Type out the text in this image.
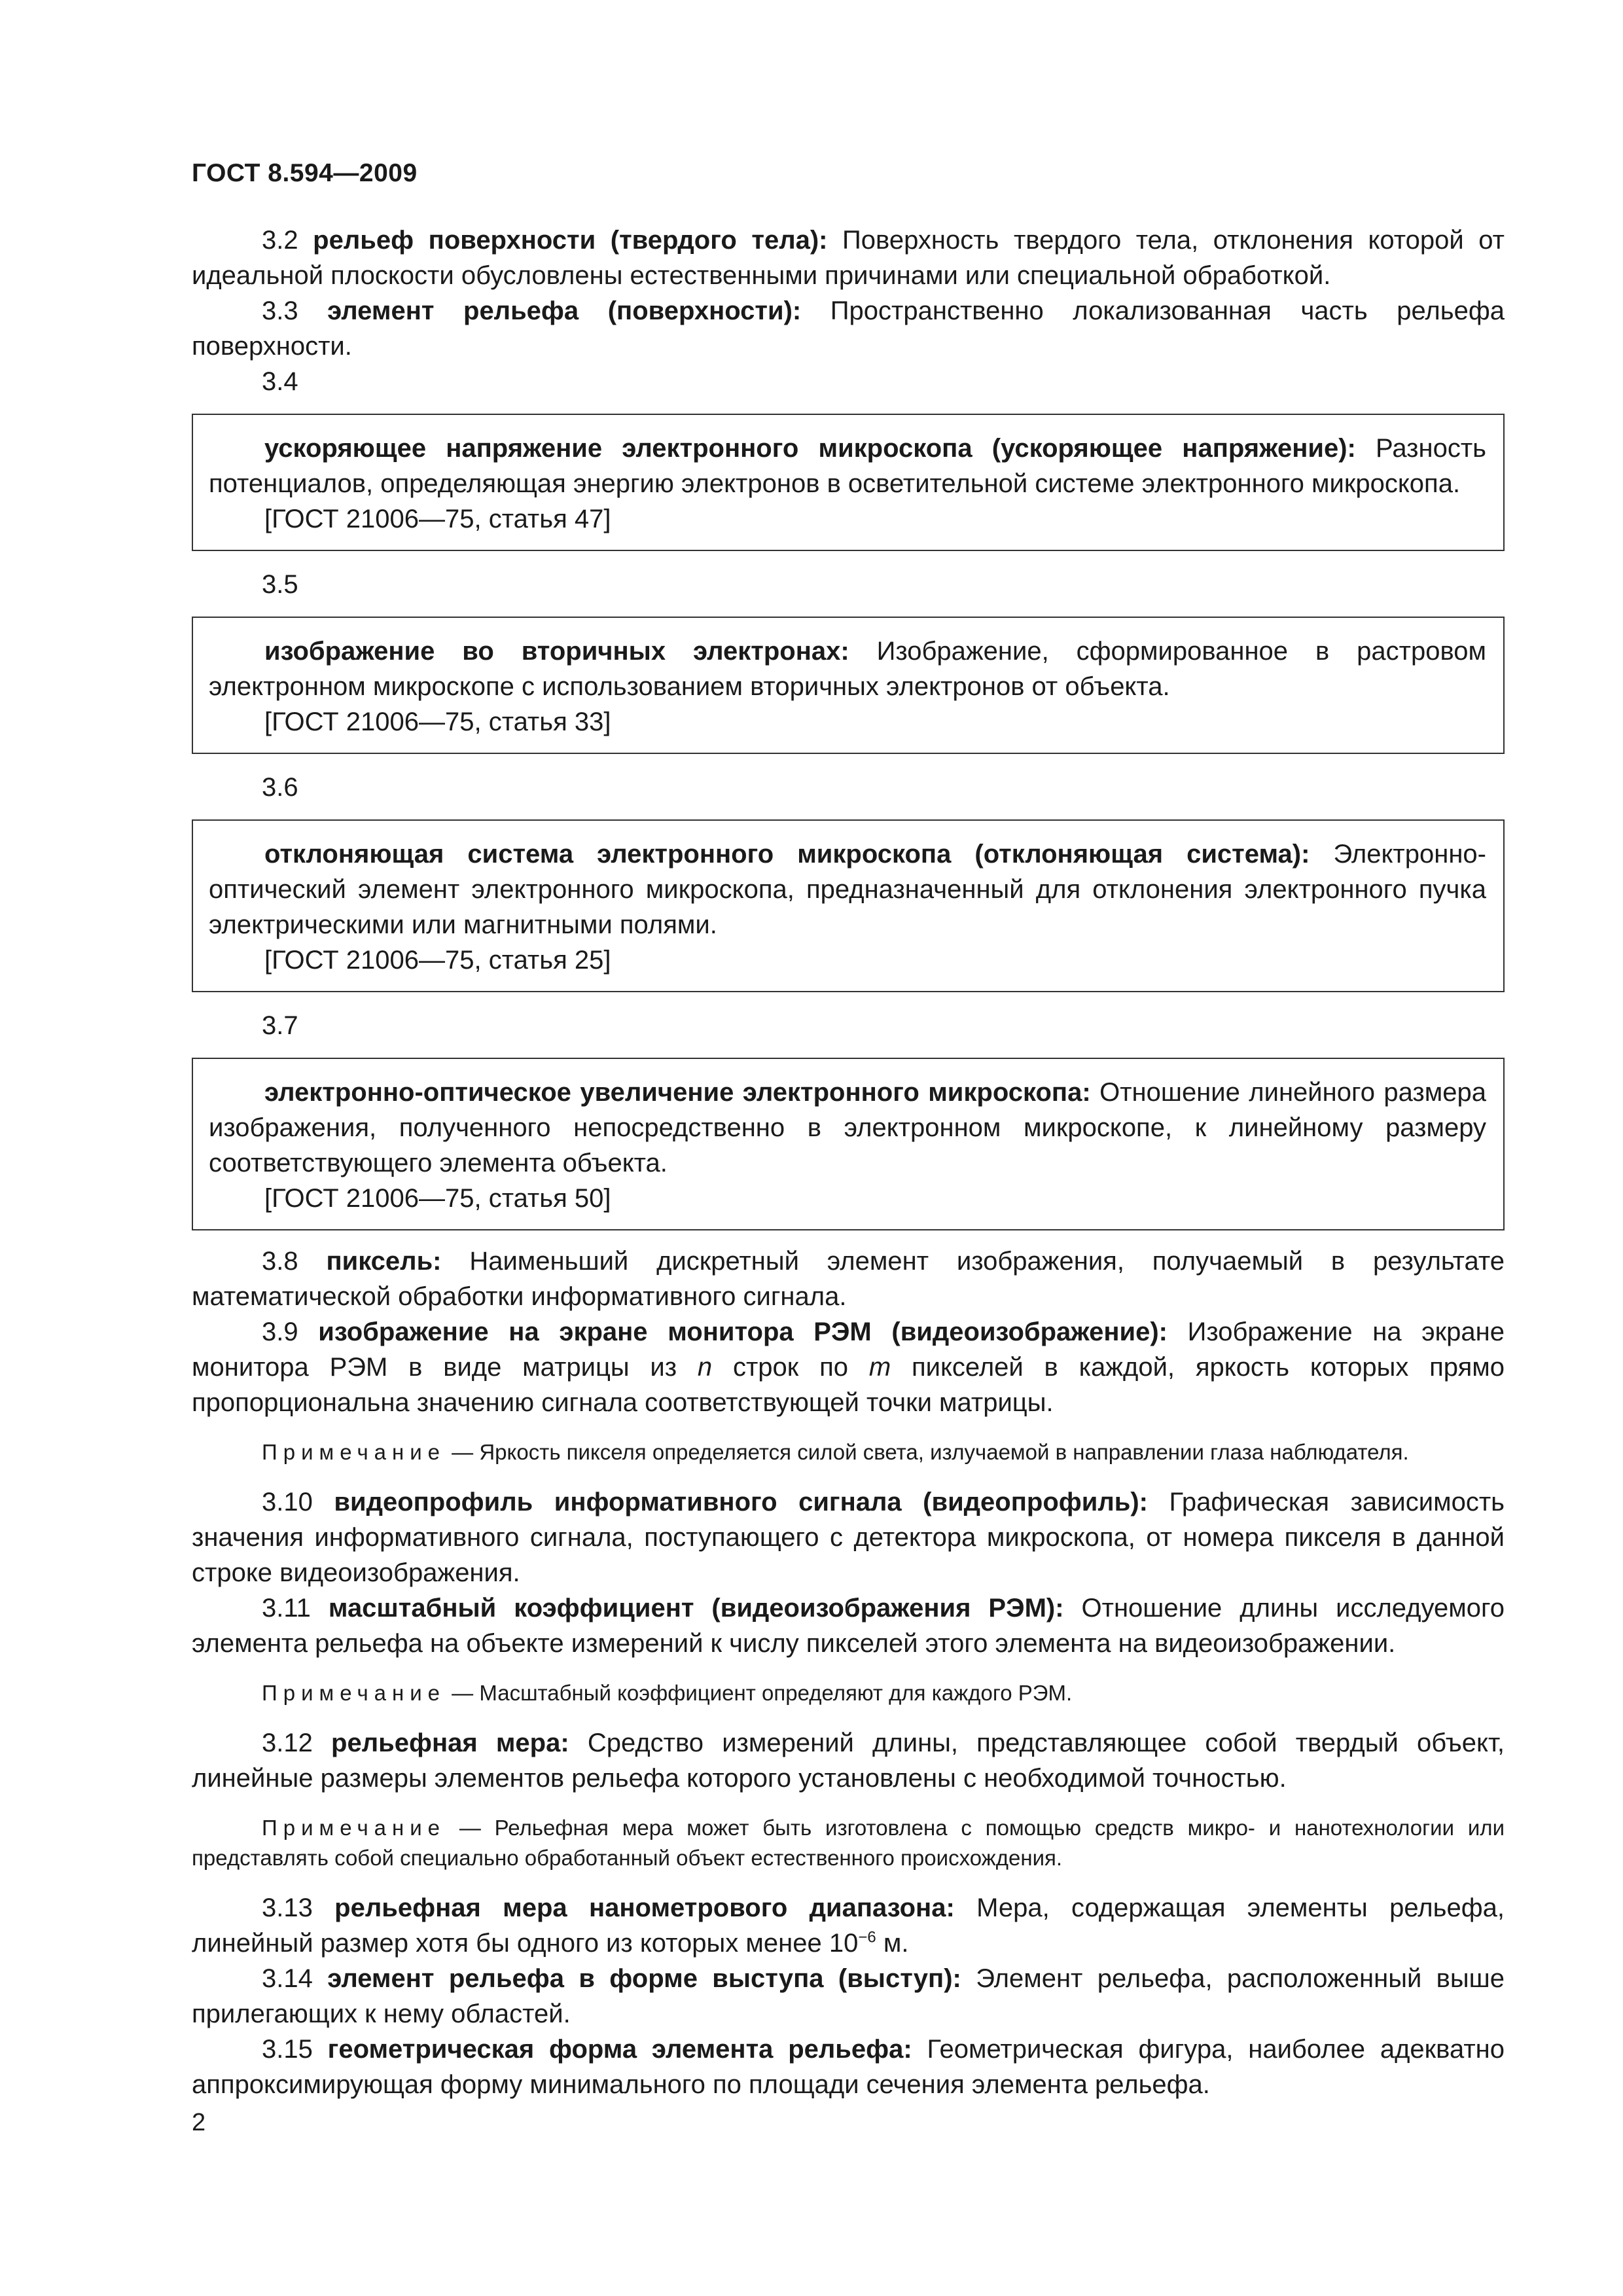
ГОСТ 8.594—2009

3.2 рельеф поверхности (твердого тела): Поверхность твердого тела, отклонения которой от идеальной плоскости обусловлены естественными причинами или специальной обработкой.

3.3 элемент рельефа (поверхности): Пространственно локализованная часть рельефа поверхности.

3.4

ускоряющее напряжение электронного микроскопа (ускоряющее напряжение): Разность потенциалов, определяющая энергию электронов в осветительной системе электронного микроскопа.

[ГОСТ 21006—75, статья 47]

3.5

изображение во вторичных электронах: Изображение, сформированное в растровом электронном микроскопе с использованием вторичных электронов от объекта.

[ГОСТ 21006—75, статья 33]

3.6

отклоняющая система электронного микроскопа (отклоняющая система): Электронно-оптический элемент электронного микроскопа, предназначенный для отклонения электронного пучка электрическими или магнитными полями.

[ГОСТ 21006—75, статья 25]

3.7

электронно-оптическое увеличение электронного микроскопа: Отношение линейного размера изображения, полученного непосредственно в электронном микроскопе, к линейному размеру соответствующего элемента объекта.

[ГОСТ 21006—75, статья 50]

3.8 пиксель: Наименьший дискретный элемент изображения, получаемый в результате математической обработки информативного сигнала.

3.9 изображение на экране монитора РЭМ (видеоизображение): Изображение на экране монитора РЭМ в виде матрицы из n строк по m пикселей в каждой, яркость которых прямо пропорциональна значению сигнала соответствующей точки матрицы.

Примечание — Яркость пикселя определяется силой света, излучаемой в направлении глаза наблюдателя.

3.10 видеопрофиль информативного сигнала (видеопрофиль): Графическая зависимость значения информативного сигнала, поступающего с детектора микроскопа, от номера пикселя в данной строке видеоизображения.

3.11 масштабный коэффициент (видеоизображения РЭМ): Отношение длины исследуемого элемента рельефа на объекте измерений к числу пикселей этого элемента на видеоизображении.

Примечание — Масштабный коэффициент определяют для каждого РЭМ.

3.12 рельефная мера: Средство измерений длины, представляющее собой твердый объект, линейные размеры элементов рельефа которого установлены с необходимой точностью.

Примечание — Рельефная мера может быть изготовлена с помощью средств микро- и нанотехнологии или представлять собой специально обработанный объект естественного происхождения.

3.13 рельефная мера нанометрового диапазона: Мера, содержащая элементы рельефа, линейный размер хотя бы одного из которых менее $10^{-6}$ м.

3.14 элемент рельефа в форме выступа (выступ): Элемент рельефа, расположенный выше прилегающих к нему областей.

3.15 геометрическая форма элемента рельефа: Геометрическая фигура, наиболее адекватно аппроксимирующая форму минимального по площади сечения элемента рельефа.

2
